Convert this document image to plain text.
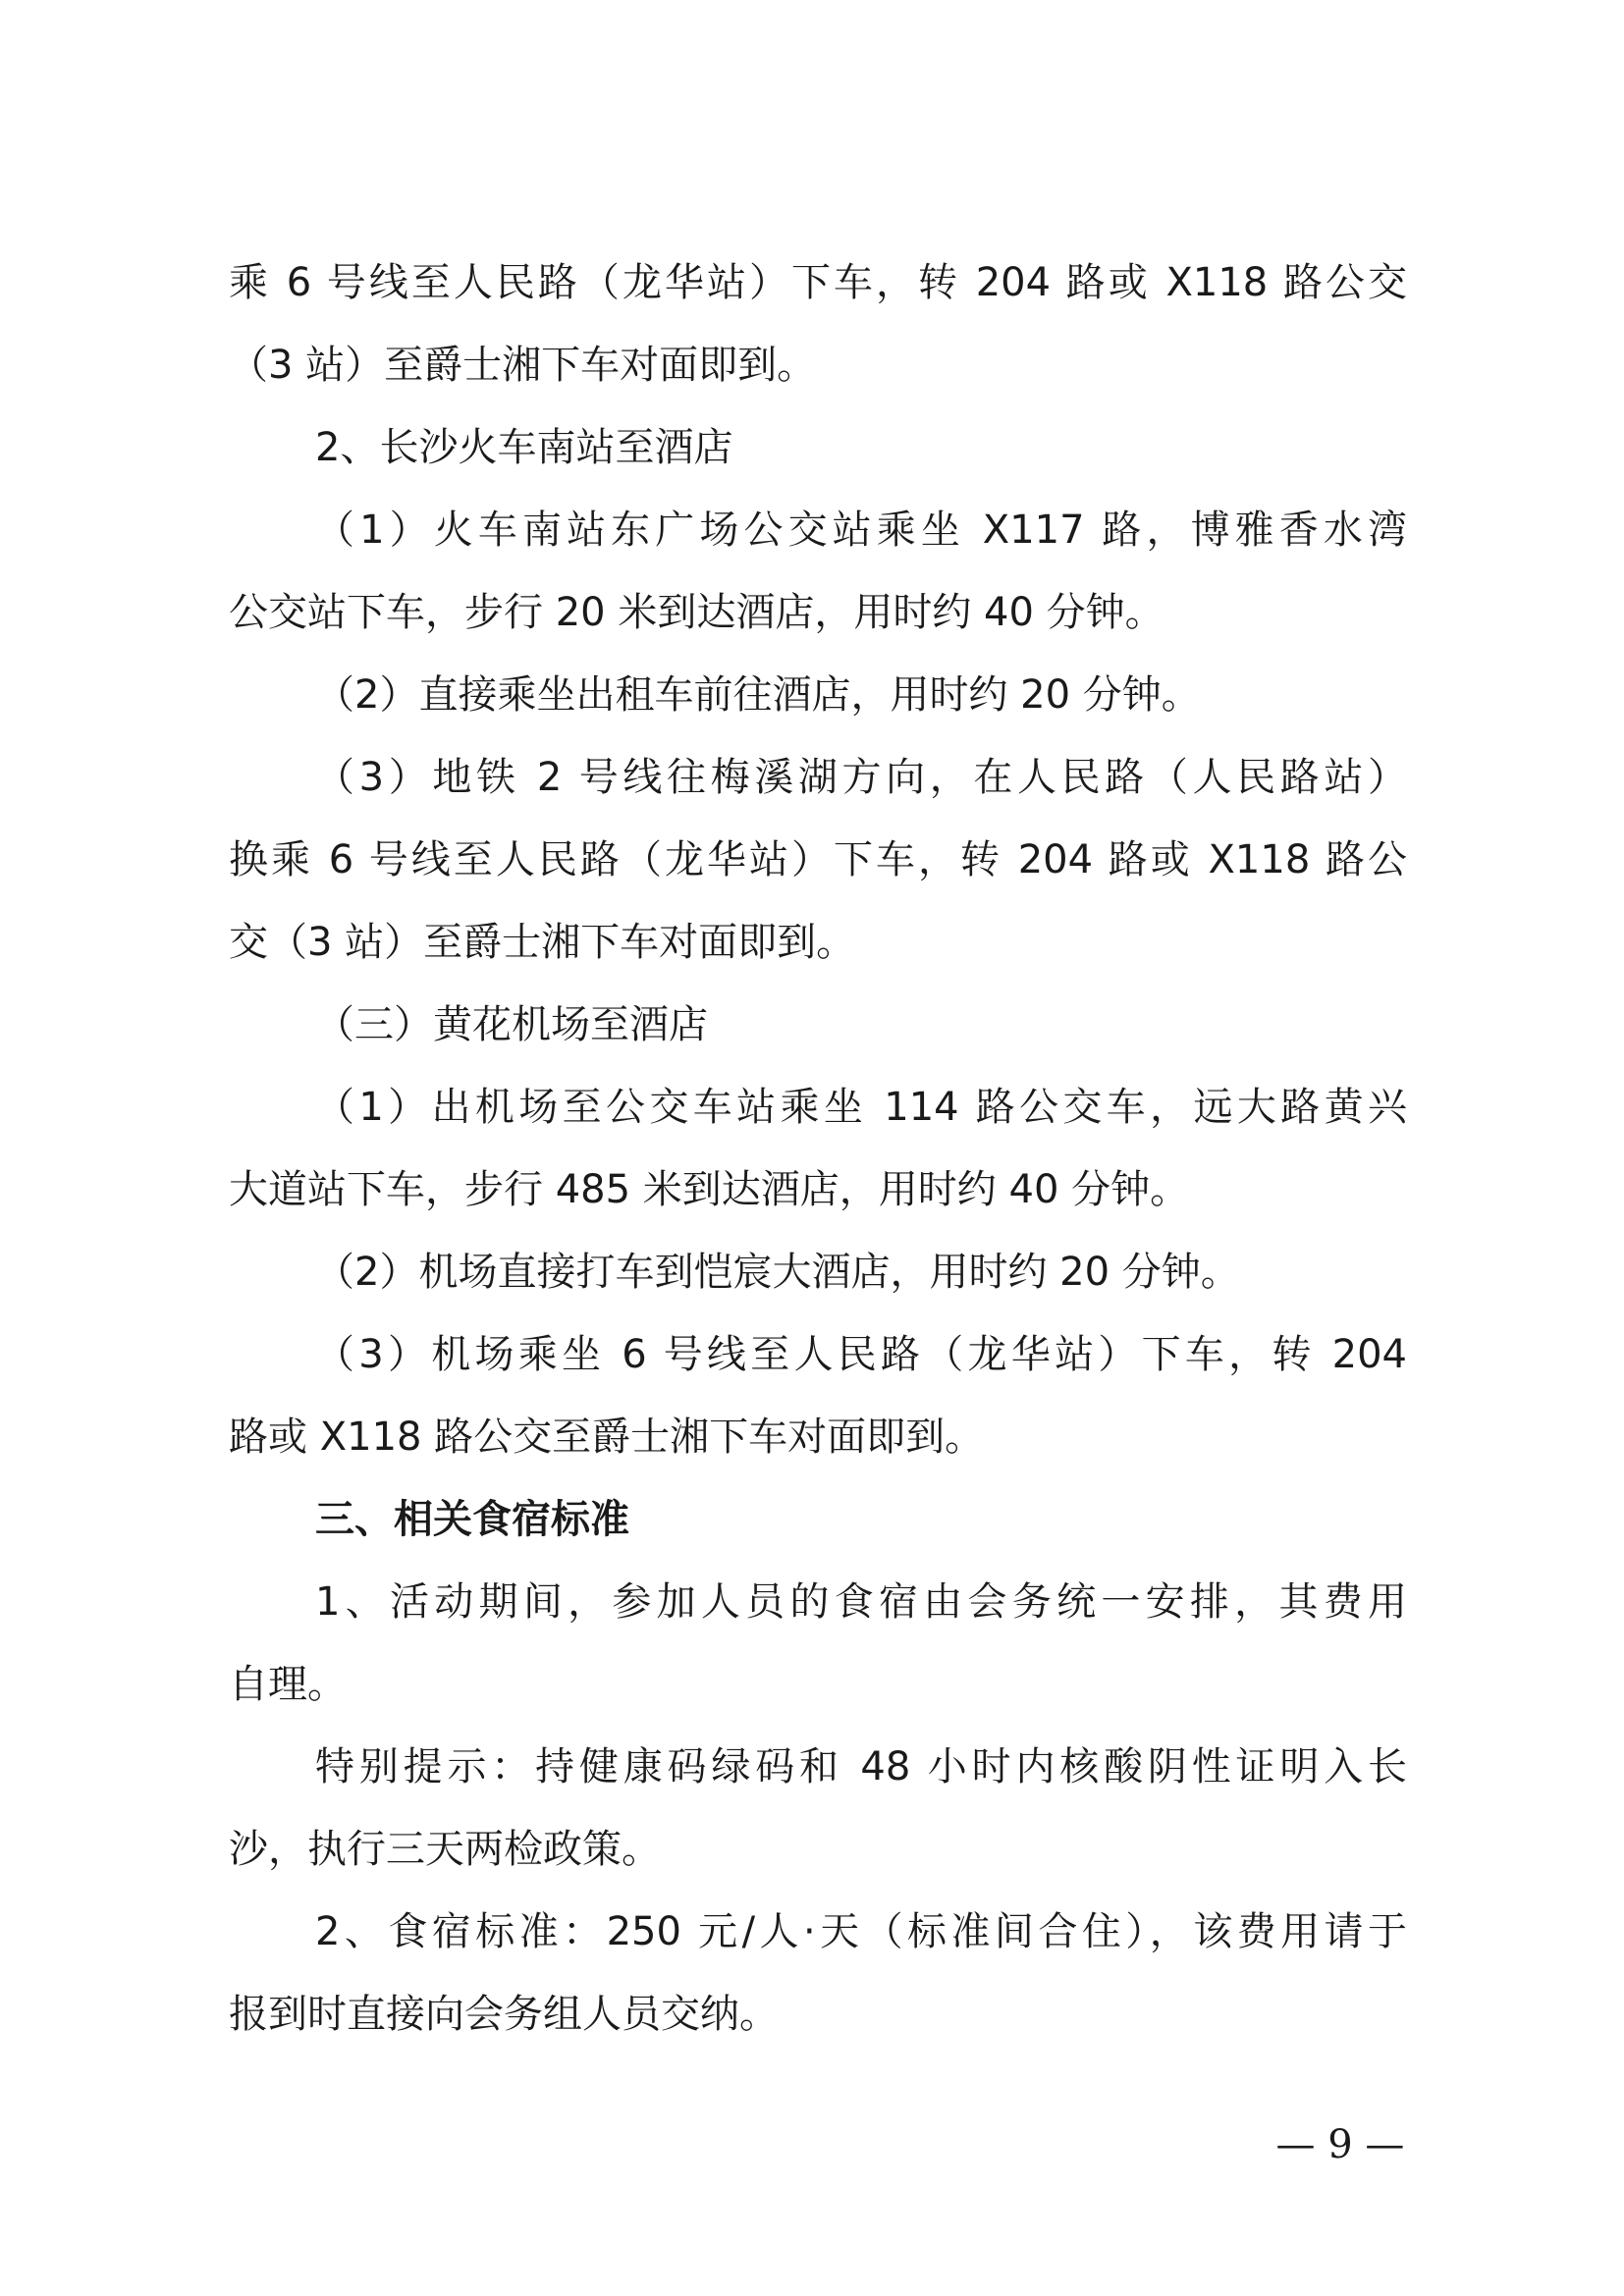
乘 6 号线至人民路（龙华站）下车，转 204 路或 X118 路公交
（3 站）至爵士湘下车对面即到。
2、长沙火车南站至酒店
（1）火车南站东广场公交站乘坐 X117 路，博雅香水湾
公交站下车，步行 20 米到达酒店，用时约 40 分钟。
（2）直接乘坐出租车前往酒店，用时约 20 分钟。
（3）地铁 2 号线往梅溪湖方向，在人民路（人民路站）
换乘 6 号线至人民路（龙华站）下车，转 204 路或 X118 路公
交（3 站）至爵士湘下车对面即到。
（三）黄花机场至酒店
（1）出机场至公交车站乘坐 114 路公交车，远大路黄兴
大道站下车，步行 485 米到达酒店，用时约 40 分钟。
（2）机场直接打车到恺宸大酒店，用时约 20 分钟。
（3）机场乘坐 6 号线至人民路（龙华站）下车，转 204
路或 X118 路公交至爵士湘下车对面即到。
三、相关食宿标准
1、活动期间，参加人员的食宿由会务统一安排，其费用
自理。
特别提示：持健康码绿码和 48 小时内核酸阴性证明入长
沙，执行三天两检政策。
2、食宿标准：250 元/人·天（标准间合住），该费用请于
报到时直接向会务组人员交纳。
— 9 —
